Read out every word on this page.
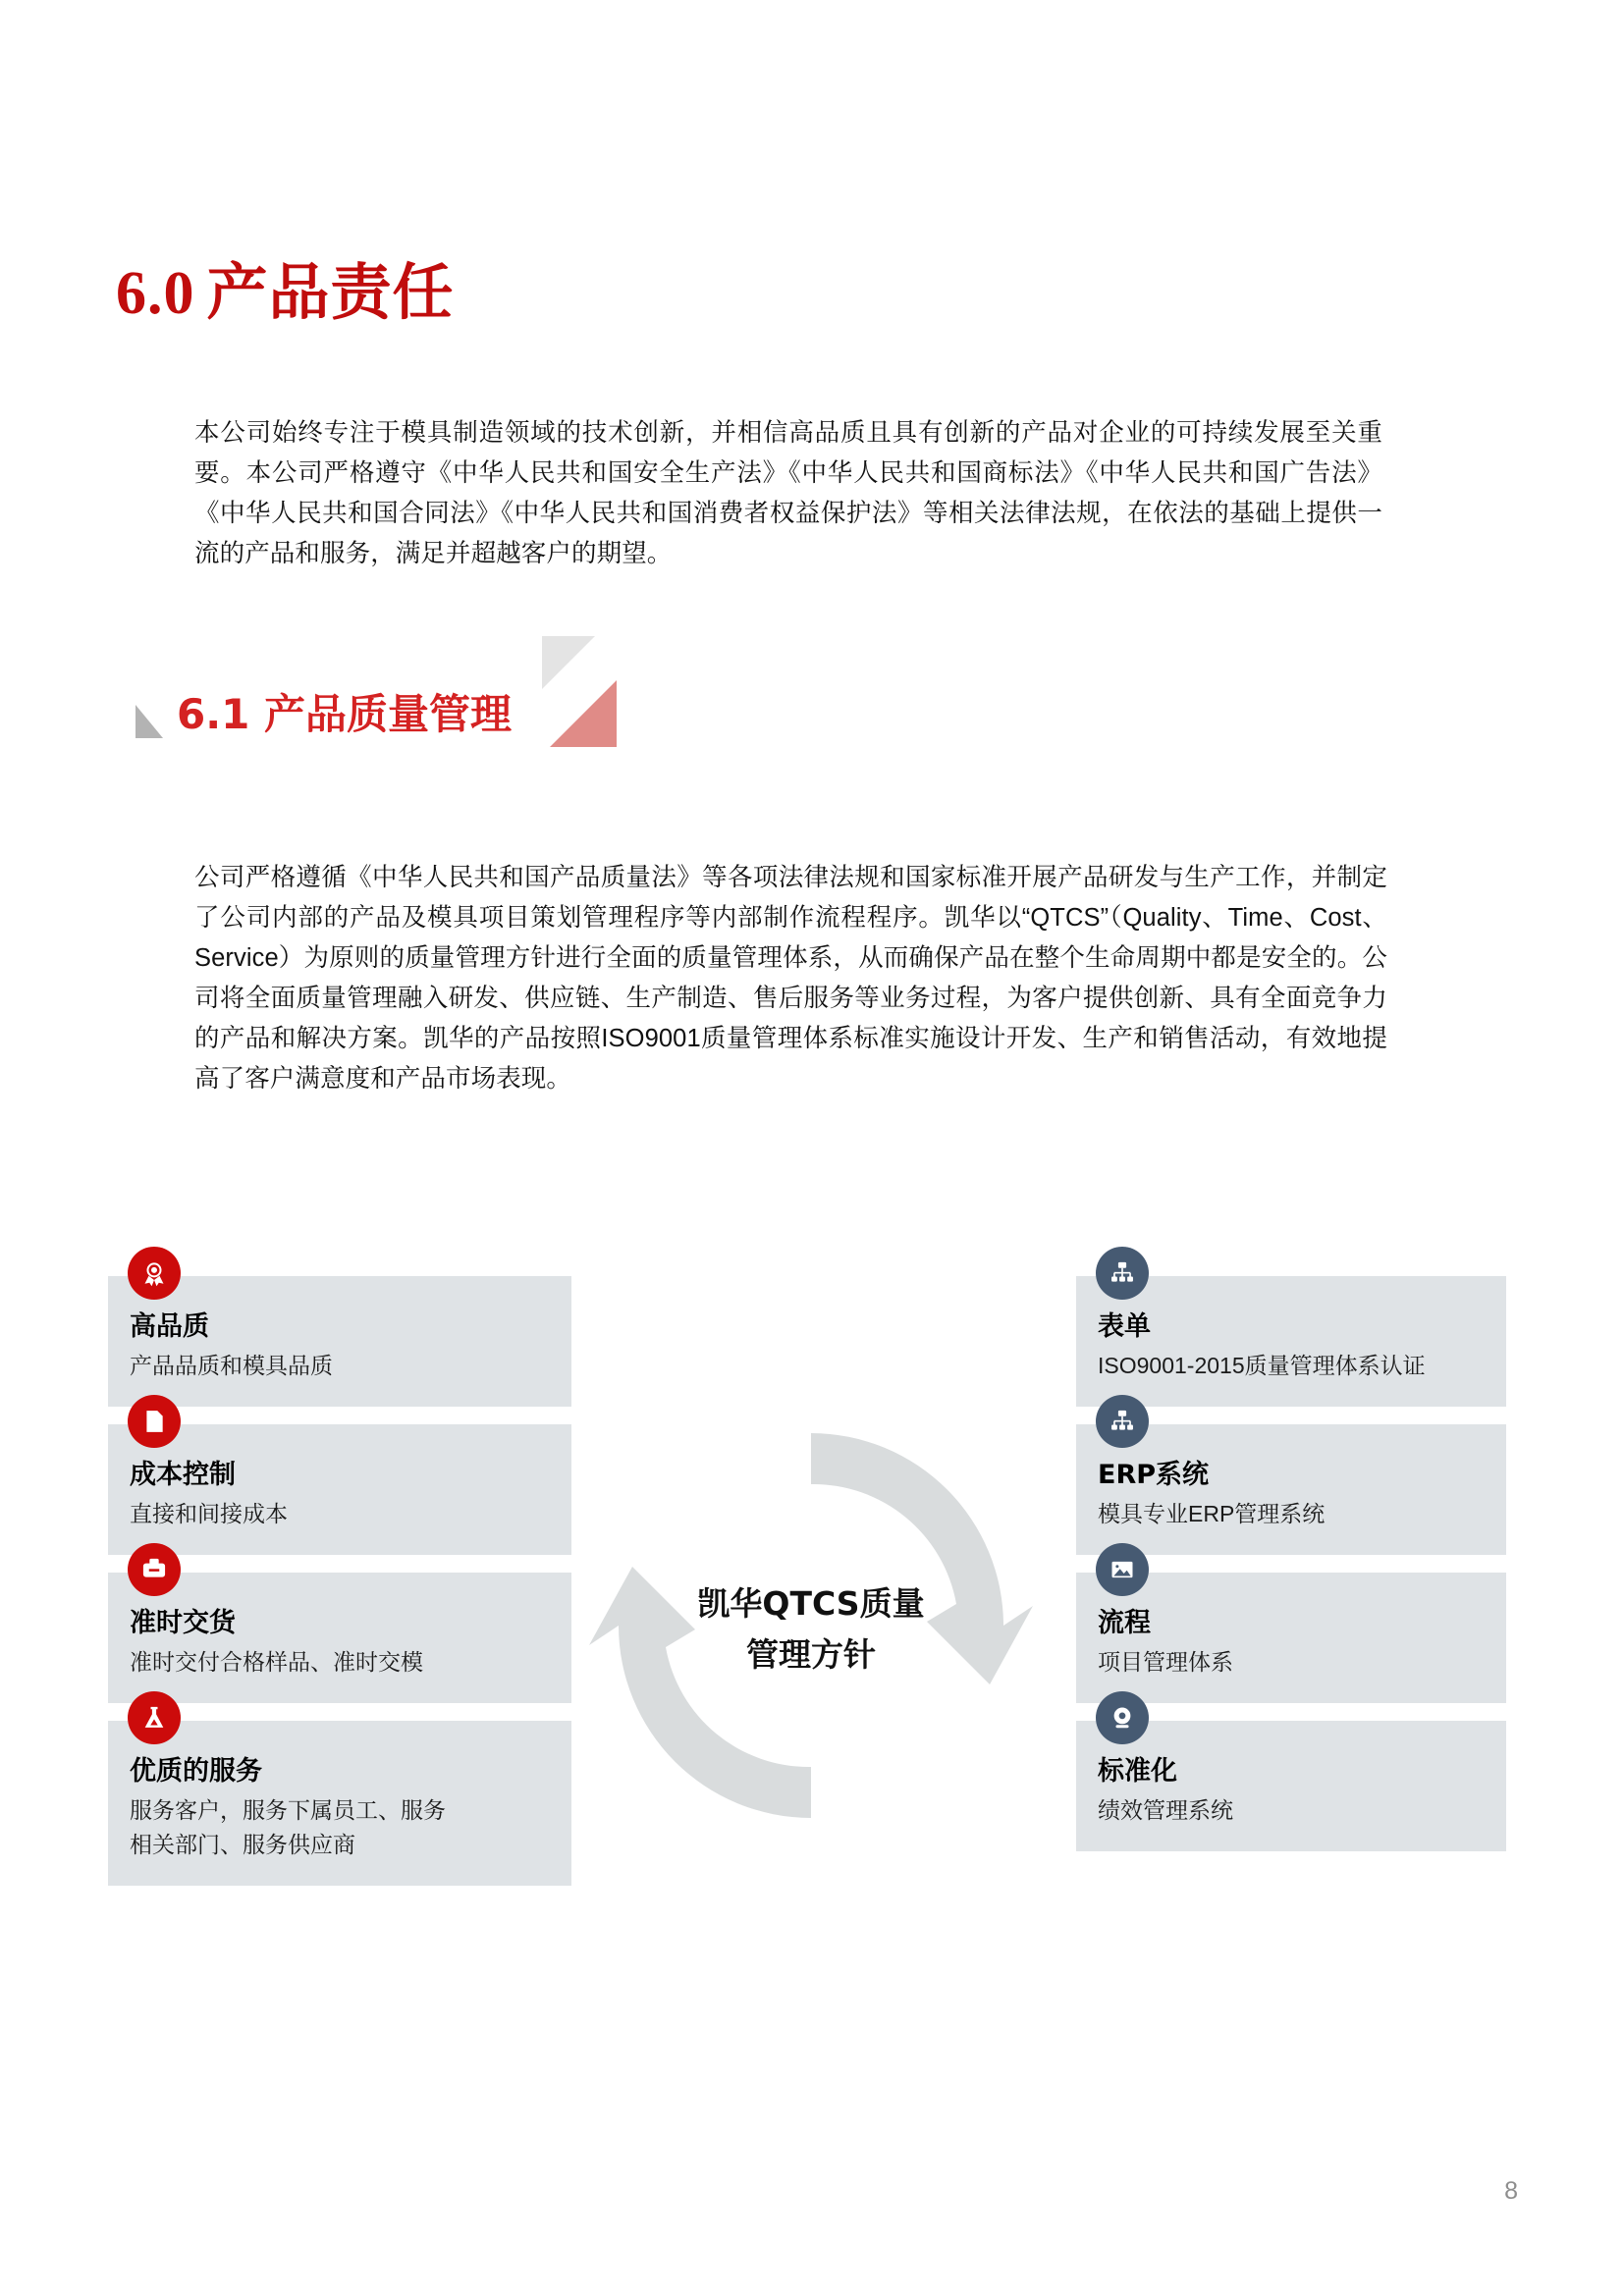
6.0 产品责任

本公司始终专注于模具制造领域的技术创新，并相信高品质且具有创新的产品对企业的可持续发展至关重要。本公司严格遵守《中华人民共和国安全生产法》《中华人民共和国商标法》《中华人民共和国广告法》《中华人民共和国合同法》《中华人民共和国消费者权益保护法》等相关法律法规，在依法的基础上提供一流的产品和服务，满足并超越客户的期望。

6.1 产品质量管理

公司严格遵循《中华人民共和国产品质量法》等各项法律法规和国家标准开展产品研发与生产工作，并制定了公司内部的产品及模具项目策划管理程序等内部制作流程程序。凯华以“QTCS”（Quality、Time、Cost、Service）为原则的质量管理方针进行全面的质量管理体系，从而确保产品在整个生命周期中都是安全的。公司将全面质量管理融入研发、供应链、生产制造、售后服务等业务过程，为客户提供创新、具有全面竞争力的产品和解决方案。凯华的产品按照ISO9001质量管理体系标准实施设计开发、生产和销售活动，有效地提高了客户满意度和产品市场表现。

高品质
产品品质和模具品质
成本控制
直接和间接成本
准时交货
准时交付合格样品、准时交模
优质的服务
服务客户，服务下属员工、服务
相关部门、服务供应商
表单
ISO9001-2015质量管理体系认证
ERP系统
模具专业ERP管理系统
流程
项目管理体系
标准化
绩效管理系统
凯华QTCS质量
管理方针
8
